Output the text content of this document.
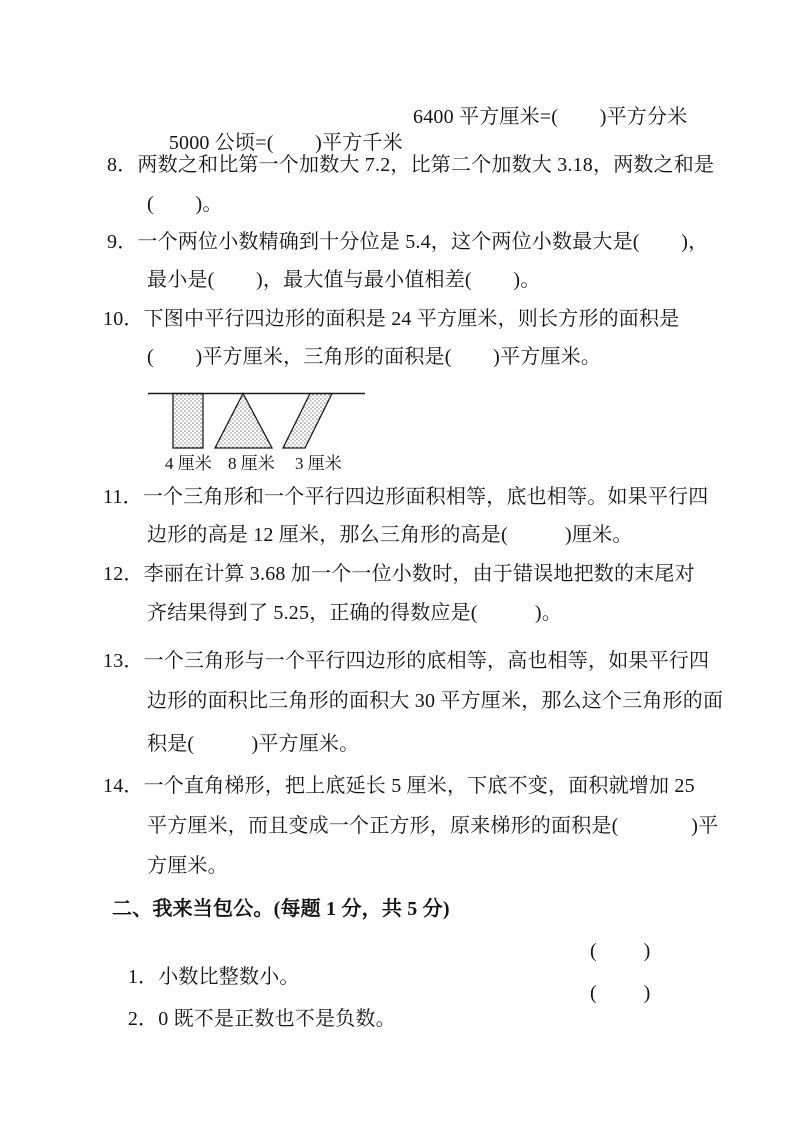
5000 公顷=(        )平方千米

6400 平方厘米=(        )平方分米

8．两数之和比第一个加数大 7.2，比第二个加数大 3.18，两数之和是
(        )。
9．一个两位小数精确到十分位是 5.4，这个两位小数最大是(        )，
最小是(        )，最大值与最小值相差(        )。
10．下图中平行四边形的面积是 24 平方厘米，则长方形的面积是
(        )平方厘米，三角形的面积是(        )平方厘米。
4 厘米 8 厘米 3 厘米
11．一个三角形和一个平行四边形面积相等，底也相等。如果平行四
边形的高是 12 厘米，那么三角形的高是(           )厘米。
12．李丽在计算 3.68 加一个一位小数时，由于错误地把数的末尾对
齐结果得到了 5.25，正确的得数应是(           )。
13．一个三角形与一个平行四边形的底相等，高也相等，如果平行四
边形的面积比三角形的面积大 30 平方厘米，那么这个三角形的面
积是(           )平方厘米。
14．一个直角梯形，把上底延长 5 厘米，下底不变，面积就增加 25
平方厘米，而且变成一个正方形，原来梯形的面积是(              )平
方厘米。
二、我来当包公。(每题 1 分，共 5 分)

1．小数比整数小。

(         )

2．0 既不是正数也不是负数。

(         )
